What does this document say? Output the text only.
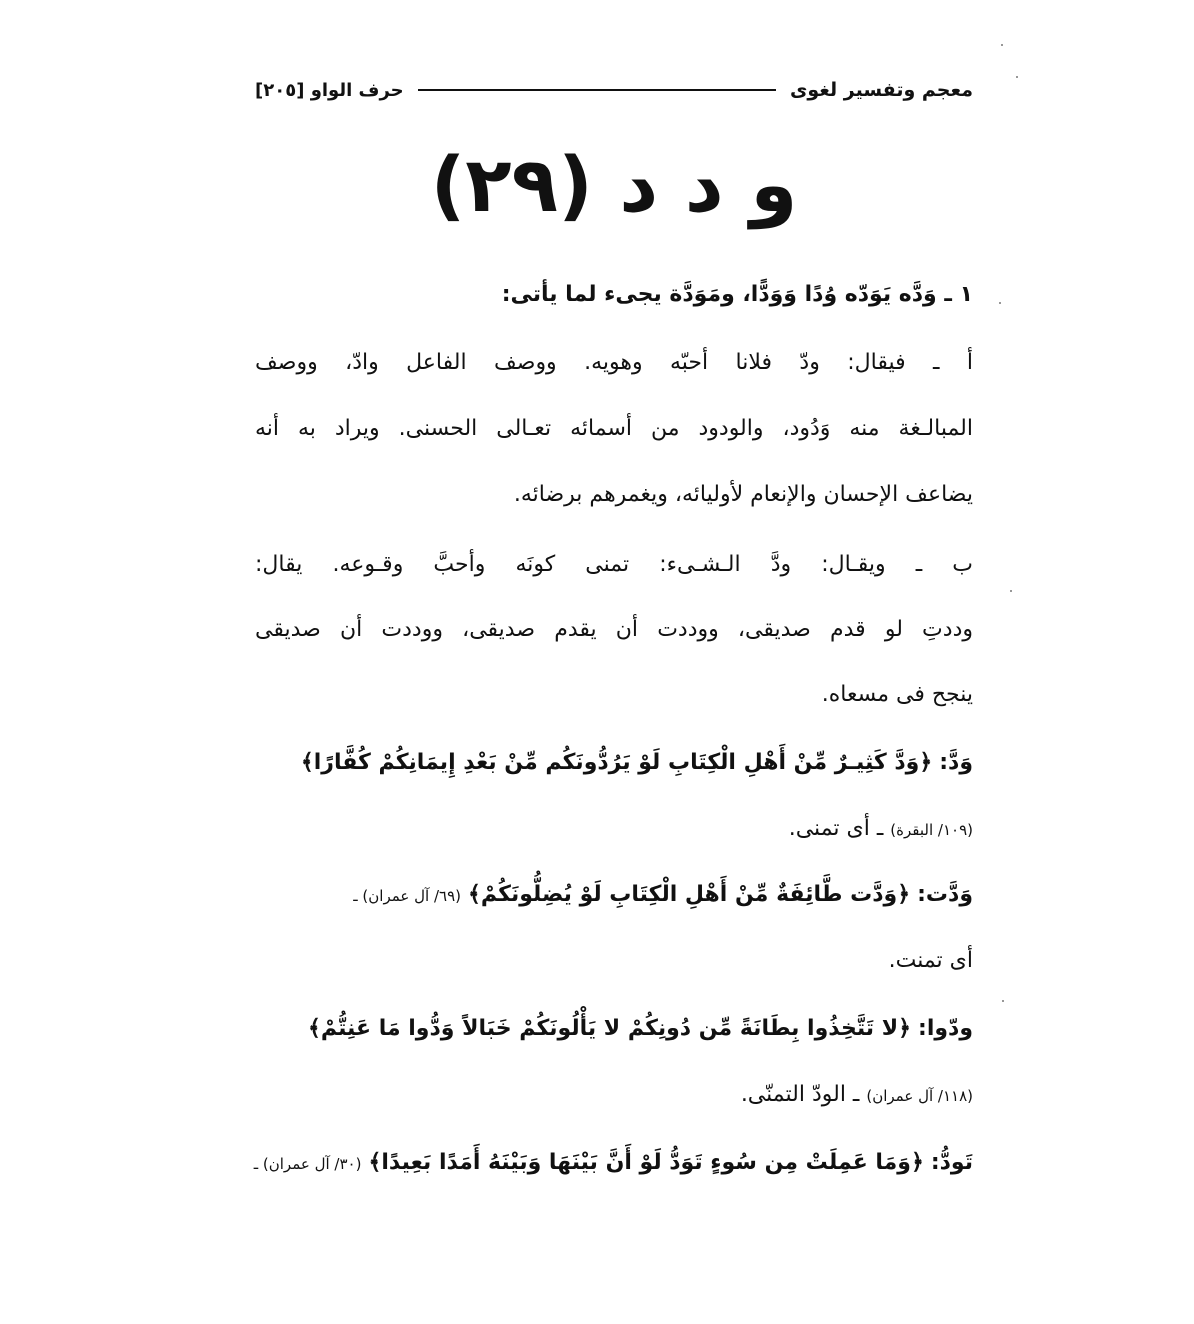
معجم وتفسير لغوى
حرف الواو [٢٠٥]
و د د (٢٩)
١ ـ وَدَّه يَوَدّه وُدًا وَوَدًّا، ومَوَدَّة يجىء لما يأتى:
أ ـ فيقال: ودّ فلانا أحبّه وهويه. ووصف الفاعل وادّ، ووصف
المبالـغة منه وَدُود، والودود من أسمائه تعـالى الحسنى. ويراد به أنه
يضاعف الإحسان والإنعام لأوليائه، ويغمرهم برضائه.
ب ـ ويقـال: ودَّ الـشـىء: تمنى كونَه وأحبَّ وقـوعه. يقال:
وددتِ لو قدم صديقى، ووددت أن يقدم صديقى، ووددت أن صديقى
ينجح فى مسعاه.
وَدَّ: ﴿وَدَّ كَثِيـرٌ مِّنْ أَهْلِ الْكِتَابِ لَوْ يَرُدُّونَكُم مِّنْ بَعْدِ إِيمَانِكُمْ كُفَّارًا﴾
(١٠٩/ البقرة) ـ أى تمنى.
وَدَّت: ﴿وَدَّت طَّائِفَةٌ مِّنْ أَهْلِ الْكِتَابِ لَوْ يُضِلُّونَكُمْ﴾ (٦٩/ آل عمران) ـ
أى تمنت.
ودّوا: ﴿لا تَتَّخِذُوا بِطَانَةً مِّن دُونِكُمْ لا يَأْلُونَكُمْ خَبَالاً وَدُّوا مَا عَنِتُّمْ﴾
(١١٨/ آل عمران) ـ الودّ التمنّى.
تَودُّ: ﴿وَمَا عَمِلَتْ مِن سُوءٍ تَوَدُّ لَوْ أَنَّ بَيْنَهَا وَبَيْنَهُ أَمَدًا بَعِيدًا﴾ (٣٠/ آل عمران) ـ
